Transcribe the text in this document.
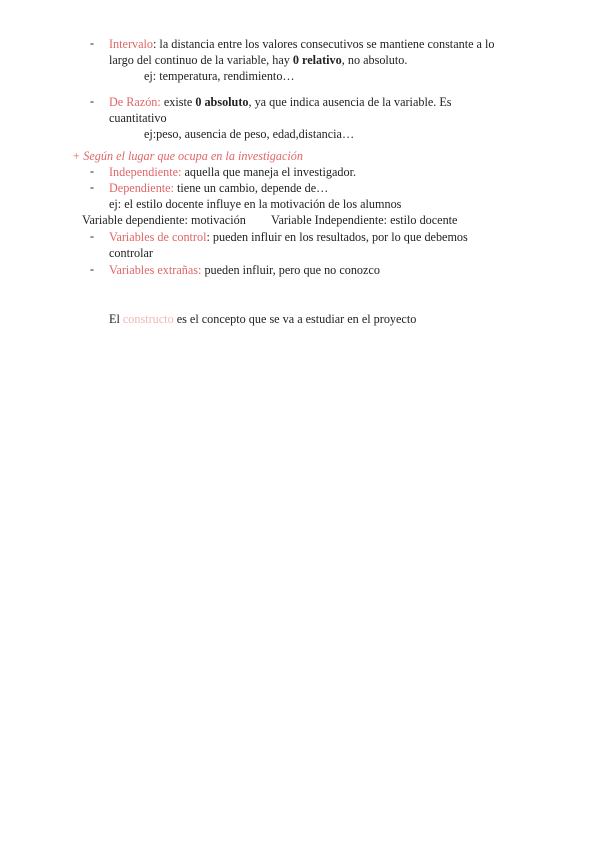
- Intervalo: la distancia entre los valores consecutivos se mantiene constante a lo
largo del continuo de la variable, hay 0 relativo, no absoluto.
ej: temperatura, rendimiento…
- De Razón: existe 0 absoluto, ya que indica ausencia de la variable. Es
cuantitativo
ej:peso, ausencia de peso, edad,distancia…
+ Según el lugar que ocupa en la investigación
- Independiente: aquella que maneja el investigador.
- Dependiente: tiene un cambio, depende de…
ej: el estilo docente influye en la motivación de los alumnos
Variable dependiente: motivación Variable Independiente: estilo docente
- Variables de control: pueden influir en los resultados, por lo que debemos
controlar
- Variables extrañas: pueden influir, pero que no conozco
El constructo es el concepto que se va a estudiar en el proyecto
